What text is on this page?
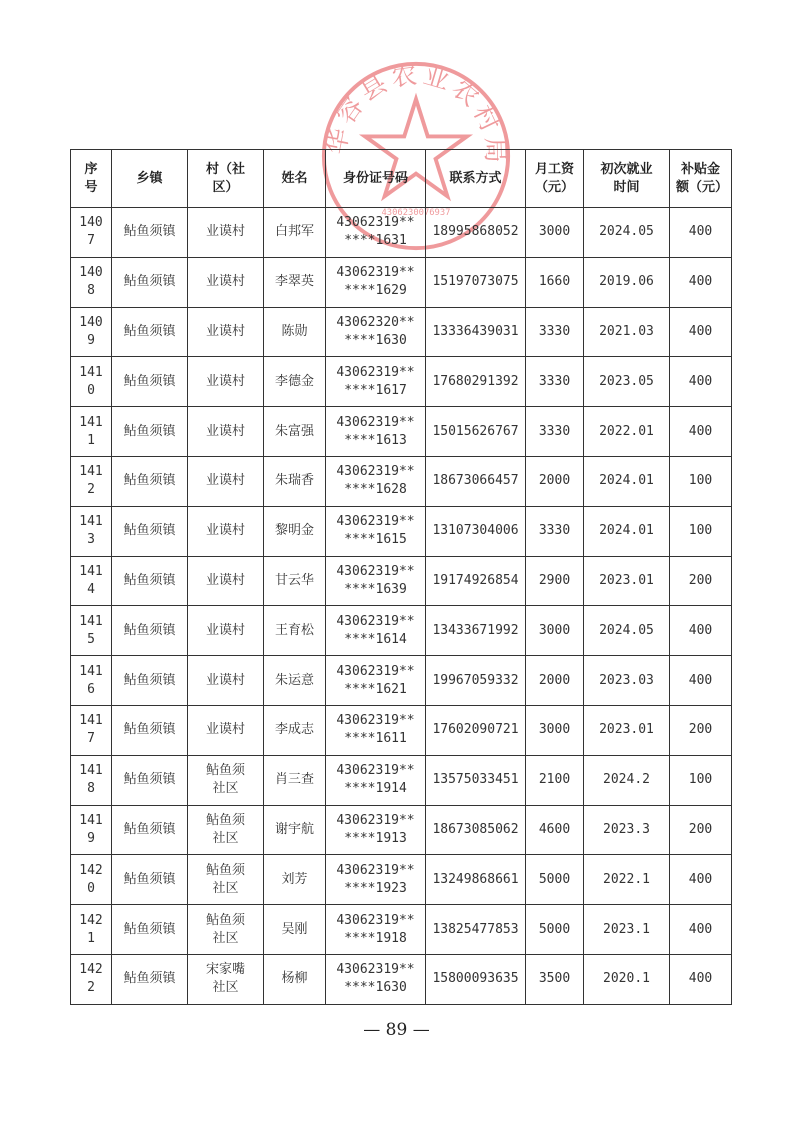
华容县农业农村局
4306230076937
序号	乡镇	村（社区）	姓名	身份证号码	联系方式	月工资（元）	初次就业时间	补贴金额（元）
1407	鲇鱼须镇	业谟村	白邦军	43062319******1631	18995868052	3000	2024.05	400
1408	鲇鱼须镇	业谟村	李翠英	43062319******1629	15197073075	1660	2019.06	400
1409	鲇鱼须镇	业谟村	陈勋	43062320******1630	13336439031	3330	2021.03	400
1410	鲇鱼须镇	业谟村	李德金	43062319******1617	17680291392	3330	2023.05	400
1411	鲇鱼须镇	业谟村	朱富强	43062319******1613	15015626767	3330	2022.01	400
1412	鲇鱼须镇	业谟村	朱瑞香	43062319******1628	18673066457	2000	2024.01	100
1413	鲇鱼须镇	业谟村	黎明金	43062319******1615	13107304006	3330	2024.01	100
1414	鲇鱼须镇	业谟村	甘云华	43062319******1639	19174926854	2900	2023.01	200
1415	鲇鱼须镇	业谟村	王育松	43062319******1614	13433671992	3000	2024.05	400
1416	鲇鱼须镇	业谟村	朱运意	43062319******1621	19967059332	2000	2023.03	400
1417	鲇鱼须镇	业谟村	李成志	43062319******1611	17602090721	3000	2023.01	200
1418	鲇鱼须镇	鲇鱼须社区	肖三查	43062319******1914	13575033451	2100	2024.2	100
1419	鲇鱼须镇	鲇鱼须社区	谢宇航	43062319******1913	18673085062	4600	2023.3	200
1420	鲇鱼须镇	鲇鱼须社区	刘芳	43062319******1923	13249868661	5000	2022.1	400
1421	鲇鱼须镇	鲇鱼须社区	吴刚	43062319******1918	13825477853	5000	2023.1	400
1422	鲇鱼须镇	宋家嘴社区	杨柳	43062319******1630	15800093635	3500	2020.1	400
— 89 —
